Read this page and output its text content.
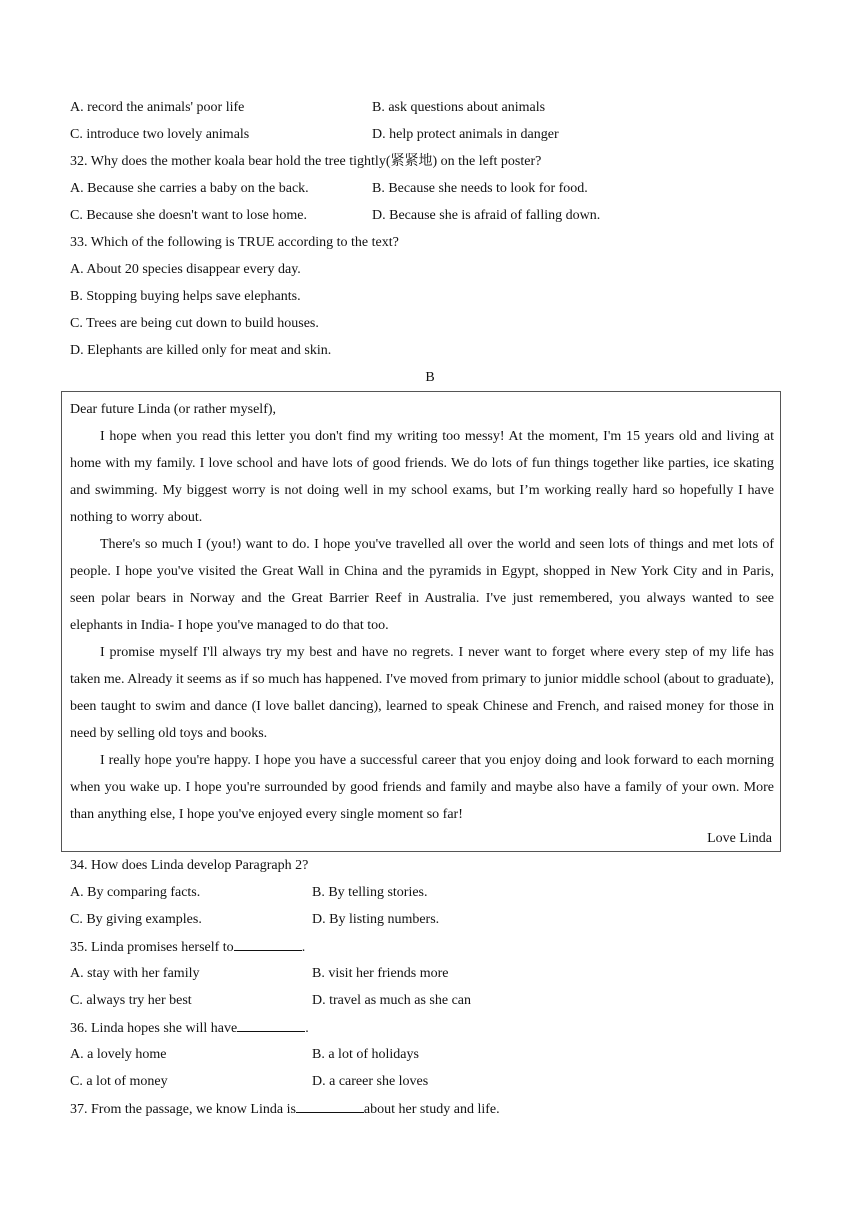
A. record the animals' poor life	B. ask questions about animals
C. introduce two lovely animals	D. help protect animals in danger
32. Why does the mother koala bear hold the tree tightly(紧紧地) on the left poster?
A. Because she carries a baby on the back.	B. Because she needs to look for food.
C. Because she doesn't want to lose home.	D. Because she is afraid of falling down.
33. Which of the following is TRUE according to the text?
A. About 20 species disappear every day.
B. Stopping buying helps save elephants.
C. Trees are being cut down to build houses.
D. Elephants are killed only for meat and skin.
B
Dear future Linda (or rather myself),
I hope when you read this letter you don't find my writing too messy! At the moment, I'm 15 years old and living at home with my family. I love school and have lots of good friends. We do lots of fun things together like parties, ice skating and swimming. My biggest worry is not doing well in my school exams, but I’m working really hard so hopefully I have nothing to worry about.
There's so much I (you!) want to do. I hope you've travelled all over the world and seen lots of things and met lots of people. I hope you've visited the Great Wall in China and the pyramids in Egypt, shopped in New York City and in Paris, seen polar bears in Norway and the Great Barrier Reef in Australia. I've just remembered, you always wanted to see elephants in India- I hope you've managed to do that too.
I promise myself I'll always try my best and have no regrets. I never want to forget where every step of my life has taken me. Already it seems as if so much has happened. I've moved from primary to junior middle school (about to graduate), been taught to swim and dance (I love ballet dancing), learned to speak Chinese and French, and raised money for those in need by selling old toys and books.
I really hope you're happy. I hope you have a successful career that you enjoy doing and look forward to each morning when you wake up. I hope you're surrounded by good friends and family and maybe also have a family of your own. More than anything else, I hope you've enjoyed every single moment so far!
Love Linda
34. How does Linda develop Paragraph 2?
A. By comparing facts.	B. By telling stories.
C. By giving examples.	D. By listing numbers.
35. Linda promises herself to	.
A. stay with her family	B. visit her friends more
C. always try her best	D. travel as much as she can
36. Linda hopes she will have	.
A. a lovely home	B. a lot of holidays
C. a lot of money	D. a career she loves
37. From the passage, we know Linda is	about her study and life.
